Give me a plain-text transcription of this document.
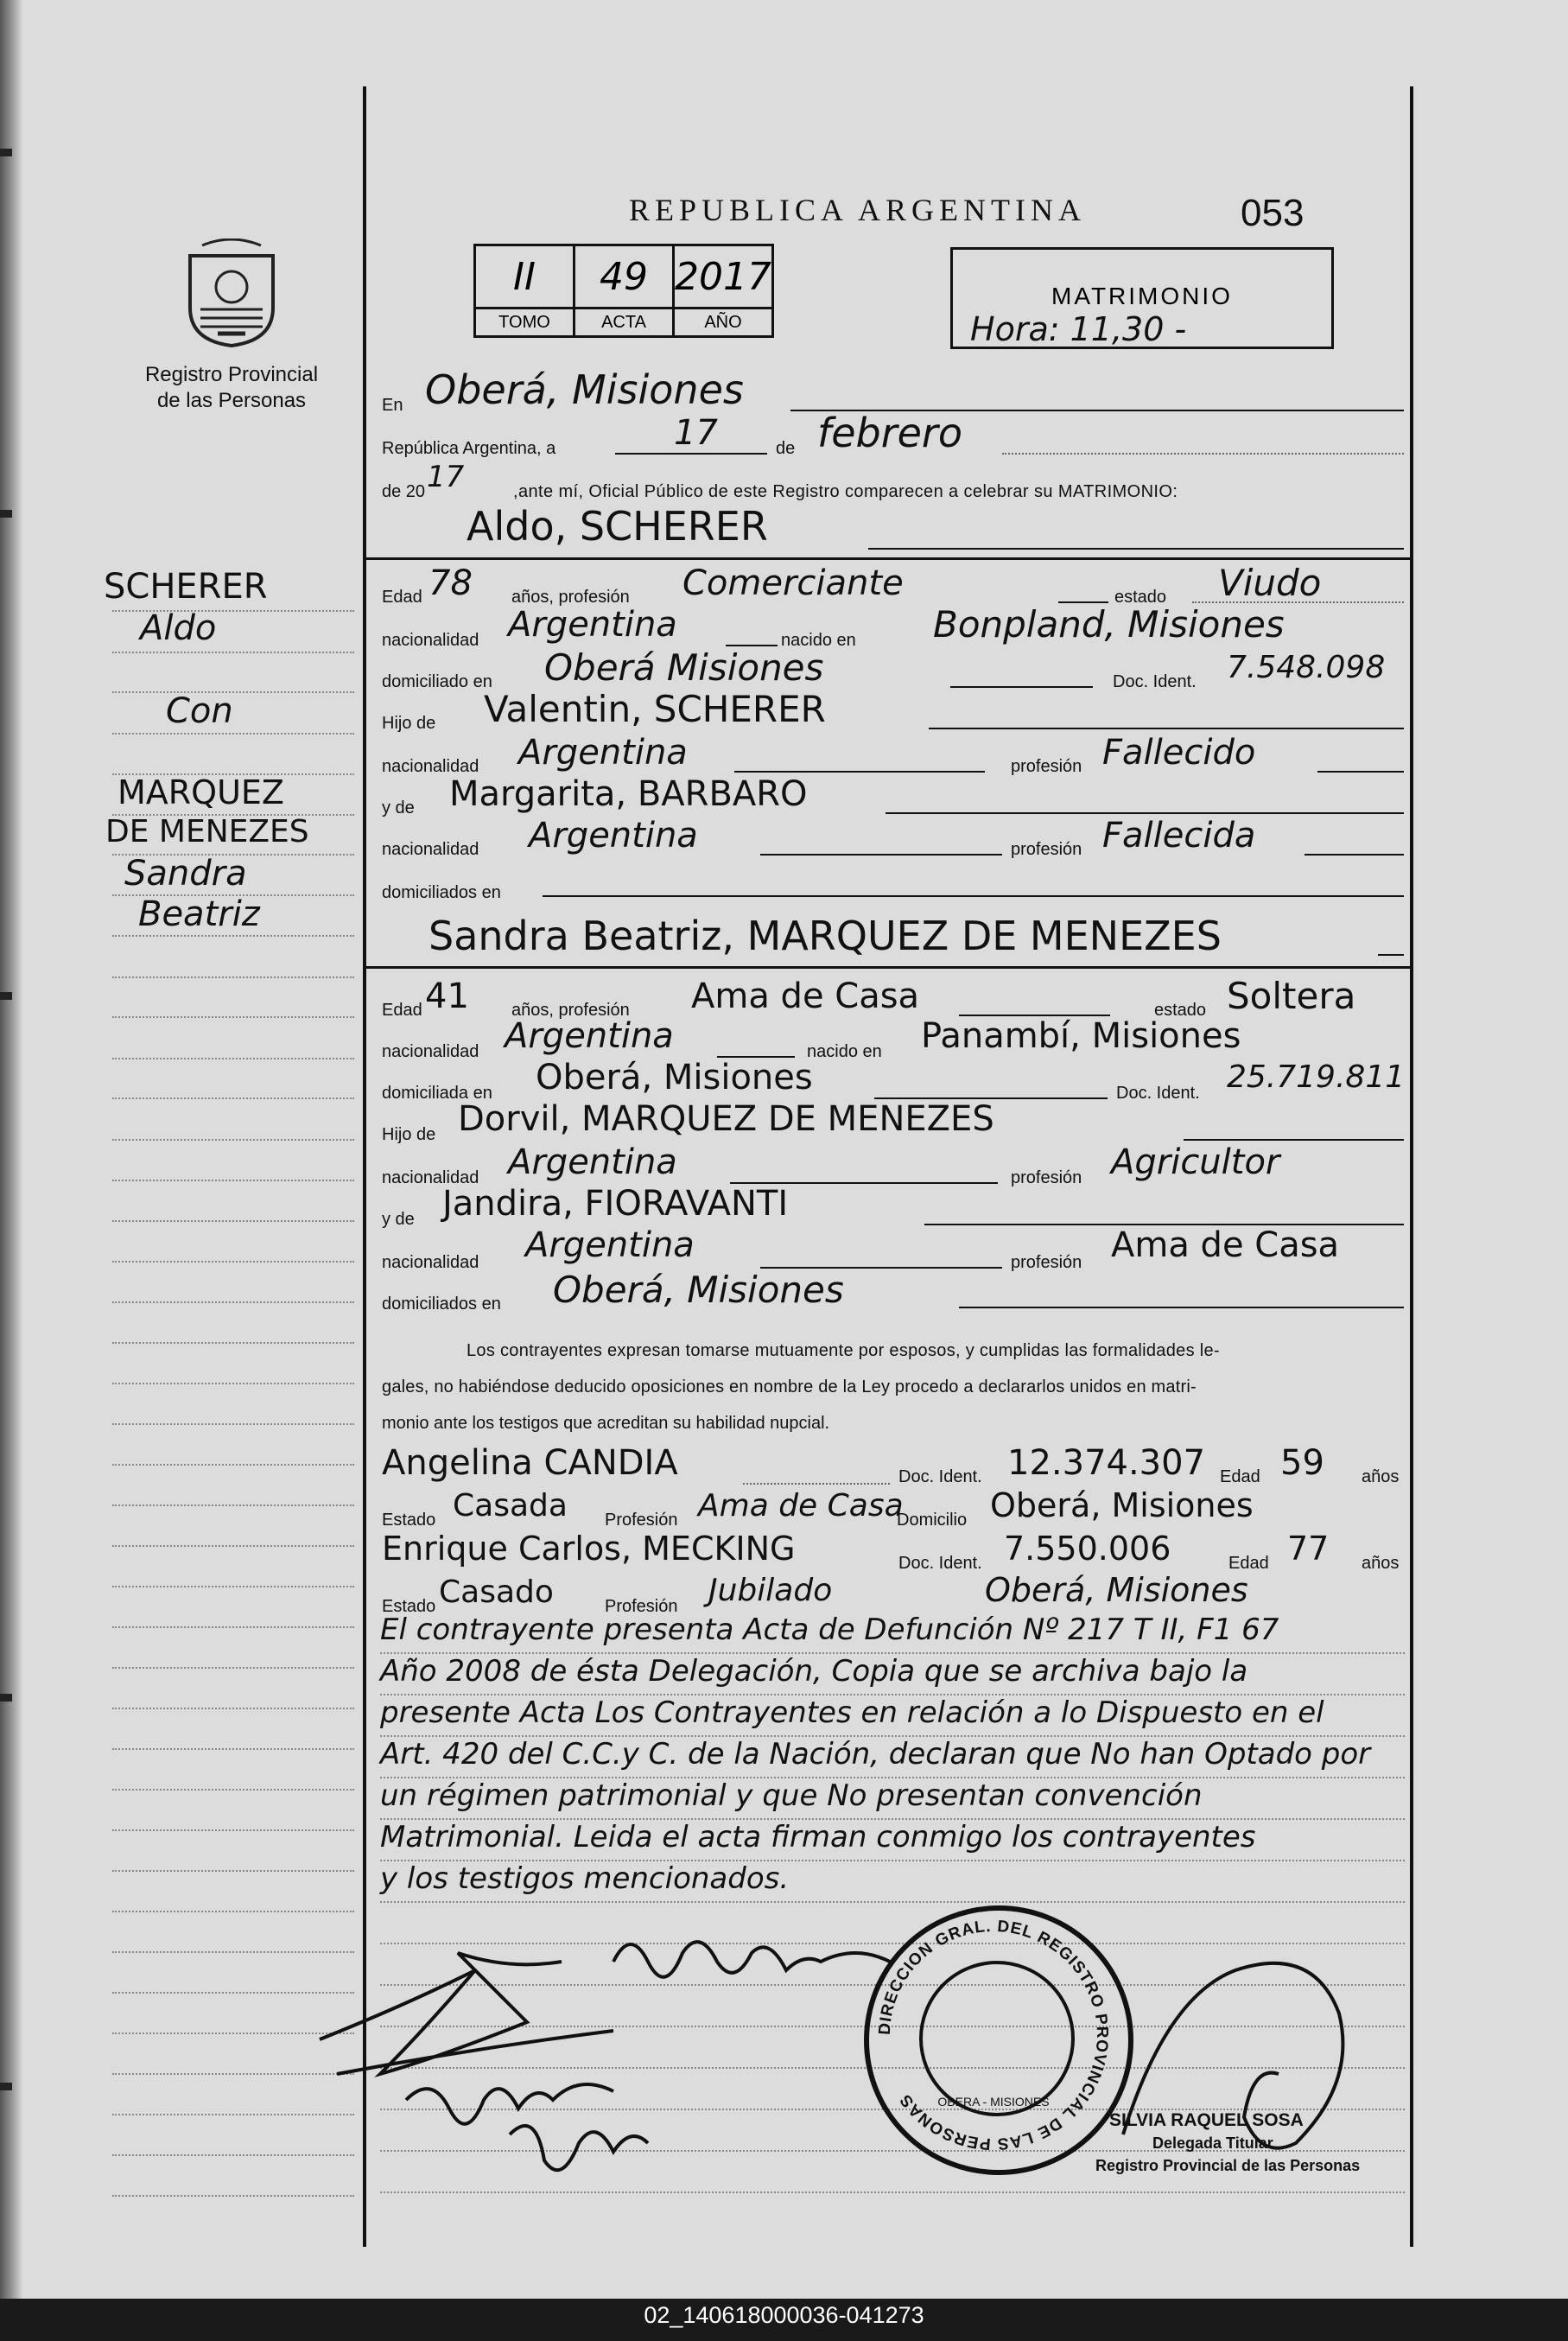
Registro Provincial
de las Personas
REPUBLICA ARGENTINA	053
II	49	2017
TOMO	ACTA	AÑO
MATRIMONIO
Hora: 11,30 -
SCHERER
Aldo
Con
MARQUEZ
DE MENEZES
Sandra
Beatriz
En Oberá, Misiones
República Argentina, a	17	de febrero
de 20 17	,ante mí, Oficial Público de este Registro comparecen a celebrar su MATRIMONIO:
Aldo, SCHERER
Edad 78 años, profesión Comerciante	estado Viudo
nacionalidad Argentina	nacido en Bonpland, Misiones
domiciliado en Oberá Misiones	Doc. Ident. 7.548.098
Hijo de Valentin, SCHERER
nacionalidad Argentina	profesión Fallecido
y de Margarita, BARBARO
nacionalidad Argentina	profesión Fallecida
domiciliados en
Sandra Beatriz, MARQUEZ DE MENEZES
Edad 41 años, profesión Ama de Casa	estado Soltera
nacionalidad Argentina	nacido en Panambí, Misiones
domiciliada en Oberá, Misiones	Doc. Ident. 25.719.811
Hijo de Dorvil, MARQUEZ DE MENEZES
nacionalidad Argentina	profesión Agricultor
y de Jandira, FIORAVANTI
nacionalidad Argentina	profesión Ama de Casa
domiciliados en Oberá, Misiones
Los contrayentes expresan tomarse mutuamente por esposos, y cumplidas las formalidades le-
gales, no habiéndose deducido oposiciones en nombre de la Ley procedo a declararlos unidos en matri-
monio ante los testigos que acreditan su habilidad nupcial.
Angelina CANDIA	Doc. Ident. 12.374.307 Edad 59 años
Estado Casada Profesión Ama de Casa
Domicilio Oberá, Misiones
Enrique Carlos, MECKING	Doc. Ident. 7.550.006	Edad 77 años
Estado Casado	Profesión Jubilado	Oberá, Misiones
El contrayente presenta Acta de Defunción Nº 217 T II, F1 67
Año 2008 de ésta Delegación, Copia que se archiva bajo la
presente Acta Los Contrayentes en relación a lo Dispuesto en el
Art. 420 del C.C.y C. de la Nación, declaran que No han Optado por
un régimen patrimonial y que No presentan convención
Matrimonial. Leida el acta firman conmigo los contrayentes
y los testigos mencionados.
DIRECCION GRAL. DEL REGISTRO PROVINCIAL DE LAS PERSONAS	OBERA - MISIONES
SILVIA RAQUEL SOSA
Delegada Titular
Registro Provincial de las Personas
02_140618000036-041273
